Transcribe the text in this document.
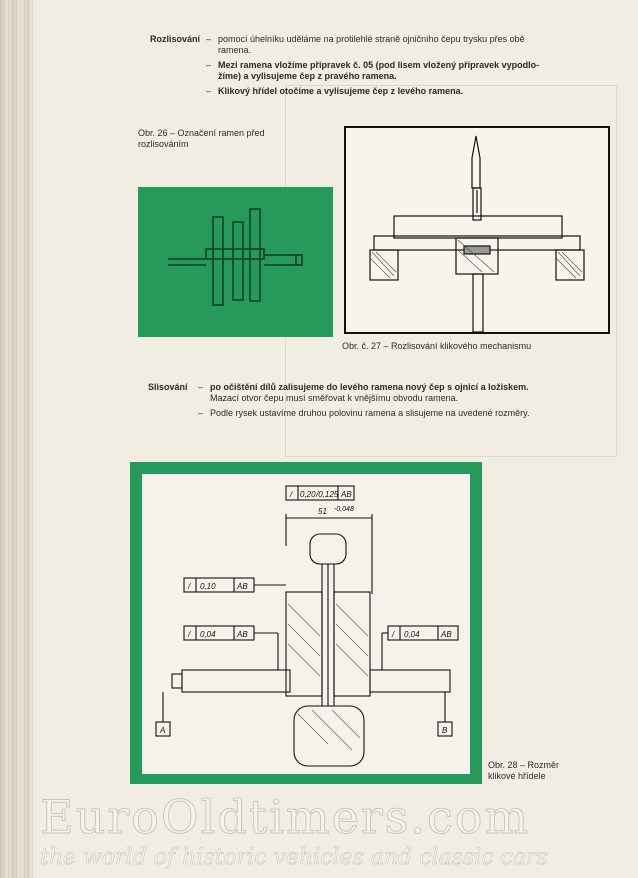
Rozlisování – pomocí úhelníku uděláme na protilehlé straně ojničního čepu trysku přes obě
ramena.
– Mezi ramena vložíme přípravek č. 05 (pod lisem vložený přípravek vypodlo-
žíme) a vylisujeme čep z pravého ramena.
– Klikový hřídel otočíme a vylisujeme čep z levého ramena.
Obr. 26 – Označení ramen před
rozlisováním
Obr. č. 27 – Rozlisování klikového mechanismu
Slisování	– po očištění dílů zalisujeme do levého ramena nový čep s ojnicí a ložiskem.
Mazací otvor čepu musí směřovat k vnějšímu obvodu ramena.
– Podle rysek ustavíme druhou polovinu ramena a slisujeme na uvedené rozměry.
/ 0,20 /0,125 AB
51 -0,048
/ 0,10	AB
/ 0,04	AB	/ 0,04	AB
A	B
Obr. 28 – Rozměr
klikové hřídele
EuroOldtimers.com
the world of historic vehicles and classic cars
